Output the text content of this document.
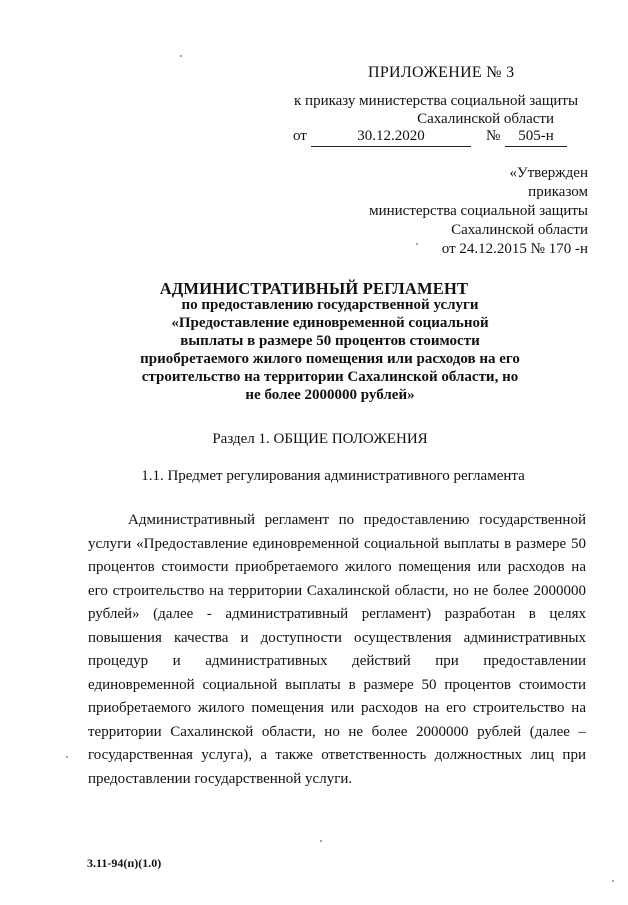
ПРИЛОЖЕНИЕ № 3
к приказу министерства социальной защиты
Сахалинской области
от	30.12.2020	№	505-н
«Утвержден
приказом
министерства социальной защиты
Сахалинской области
от 24.12.2015 № 170 -н
АДМИНИСТРАТИВНЫЙ РЕГЛАМЕНТ
по предоставлению государственной услуги «Предоставление единовременной социальной выплаты в размере 50 процентов стоимости приобретаемого жилого помещения или расходов на его строительство на территории Сахалинской области, но не более 2000000 рублей»
Раздел 1. ОБЩИЕ ПОЛОЖЕНИЯ
1.1. Предмет регулирования административного регламента
Административный регламент по предоставлению государственной услуги «Предоставление единовременной социальной выплаты в размере 50 процентов стоимости приобретаемого жилого помещения или расходов на его строительство на территории Сахалинской области, но не более 2000000 рублей» (далее - административный регламент) разработан в целях повышения качества и доступности осуществления административных процедур и административных действий при предоставлении единовременной социальной выплаты в размере 50 процентов стоимости приобретаемого жилого помещения или расходов на его строительство на территории Сахалинской области, но не более 2000000 рублей (далее – государственная услуга), а также ответственность должностных лиц при предоставлении государственной услуги.
3.11-94(п)(1.0)
